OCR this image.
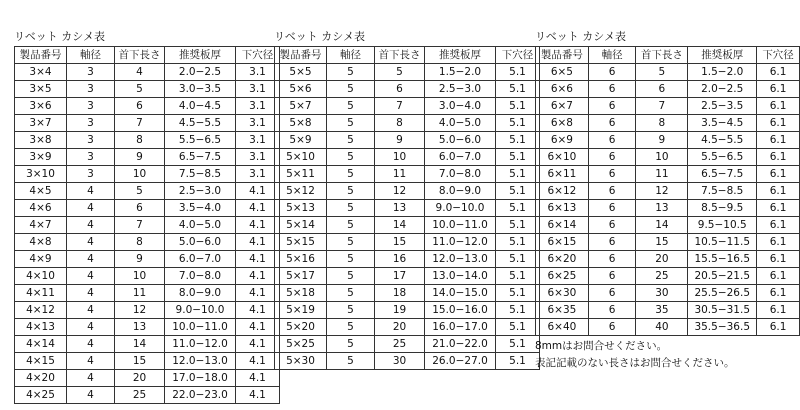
リベット カシメ表
製品番号	軸径	首下長さ	推奨板厚	下穴径
3×4	3	4	2.0−2.5	3.1
3×5	3	5	3.0−3.5	3.1
3×6	3	6	4.0−4.5	3.1
3×7	3	7	4.5−5.5	3.1
3×8	3	8	5.5−6.5	3.1
3×9	3	9	6.5−7.5	3.1
3×10	3	10	7.5−8.5	3.1
4×5	4	5	2.5−3.0	4.1
4×6	4	6	3.5−4.0	4.1
4×7	4	7	4.0−5.0	4.1
4×8	4	8	5.0−6.0	4.1
4×9	4	9	6.0−7.0	4.1
4×10	4	10	7.0−8.0	4.1
4×11	4	11	8.0−9.0	4.1
4×12	4	12	9.0−10.0	4.1
4×13	4	13	10.0−11.0	4.1
4×14	4	14	11.0−12.0	4.1
4×15	4	15	12.0−13.0	4.1
4×20	4	20	17.0−18.0	4.1
4×25	4	25	22.0−23.0	4.1
リベット カシメ表
製品番号	軸径	首下長さ	推奨板厚	下穴径
5×5	5	5	1.5−2.0	5.1
5×6	5	6	2.5−3.0	5.1
5×7	5	7	3.0−4.0	5.1
5×8	5	8	4.0−5.0	5.1
5×9	5	9	5.0−6.0	5.1
5×10	5	10	6.0−7.0	5.1
5×11	5	11	7.0−8.0	5.1
5×12	5	12	8.0−9.0	5.1
5×13	5	13	9.0−10.0	5.1
5×14	5	14	10.0−11.0	5.1
5×15	5	15	11.0−12.0	5.1
5×16	5	16	12.0−13.0	5.1
5×17	5	17	13.0−14.0	5.1
5×18	5	18	14.0−15.0	5.1
5×19	5	19	15.0−16.0	5.1
5×20	5	20	16.0−17.0	5.1
5×25	5	25	21.0−22.0	5.1
5×30	5	30	26.0−27.0	5.1
リベット カシメ表
製品番号	軸径	首下長さ	推奨板厚	下穴径
6×5	6	5	1.5−2.0	6.1
6×6	6	6	2.0−2.5	6.1
6×7	6	7	2.5−3.5	6.1
6×8	6	8	3.5−4.5	6.1
6×9	6	9	4.5−5.5	6.1
6×10	6	10	5.5−6.5	6.1
6×11	6	11	6.5−7.5	6.1
6×12	6	12	7.5−8.5	6.1
6×13	6	13	8.5−9.5	6.1
6×14	6	14	9.5−10.5	6.1
6×15	6	15	10.5−11.5	6.1
6×20	6	20	15.5−16.5	6.1
6×25	6	25	20.5−21.5	6.1
6×30	6	30	25.5−26.5	6.1
6×35	6	35	30.5−31.5	6.1
6×40	6	40	35.5−36.5	6.1
8mmはお問合せください。
表記記載のない長さはお問合せください。
